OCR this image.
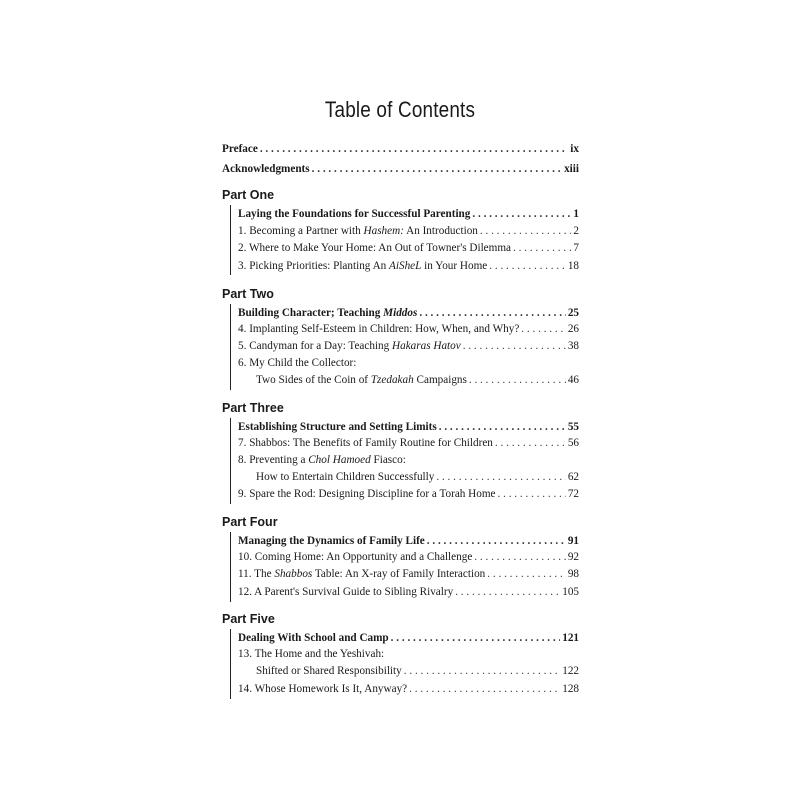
Table of Contents
Preface . . .	ix
Acknowledgments . . .	xiii
Part One
Laying the Foundations for Successful Parenting . . .	1
1. Becoming a Partner with Hashem: An Introduction . . .	2
2. Where to Make Your Home: An Out of Towner's Dilemma . . .	7
3. Picking Priorities: Planting An AiSheL in Your Home . . .	18
Part Two
Building Character; Teaching Middos . . .	25
4. Implanting Self-Esteem in Children: How, When, and Why? . . .	26
5. Candyman for a Day: Teaching Hakaras Hatov . . .	38
6. My Child the Collector:
Two Sides of the Coin of Tzedakah Campaigns . . .	46
Part Three
Establishing Structure and Setting Limits . . .	55
7. Shabbos: The Benefits of Family Routine for Children . . .	56
8. Preventing a Chol Hamoed Fiasco:
How to Entertain Children Successfully . . .	62
9. Spare the Rod: Designing Discipline for a Torah Home . . .	72
Part Four
Managing the Dynamics of Family Life . . .	91
10. Coming Home: An Opportunity and a Challenge . . .	92
11. The Shabbos Table: An X-ray of Family Interaction . . .	98
12. A Parent's Survival Guide to Sibling Rivalry . . .	105
Part Five
Dealing With School and Camp . . .	121
13. The Home and the Yeshivah:
Shifted or Shared Responsibility . . .	122
14. Whose Homework Is It, Anyway? . . .	128
